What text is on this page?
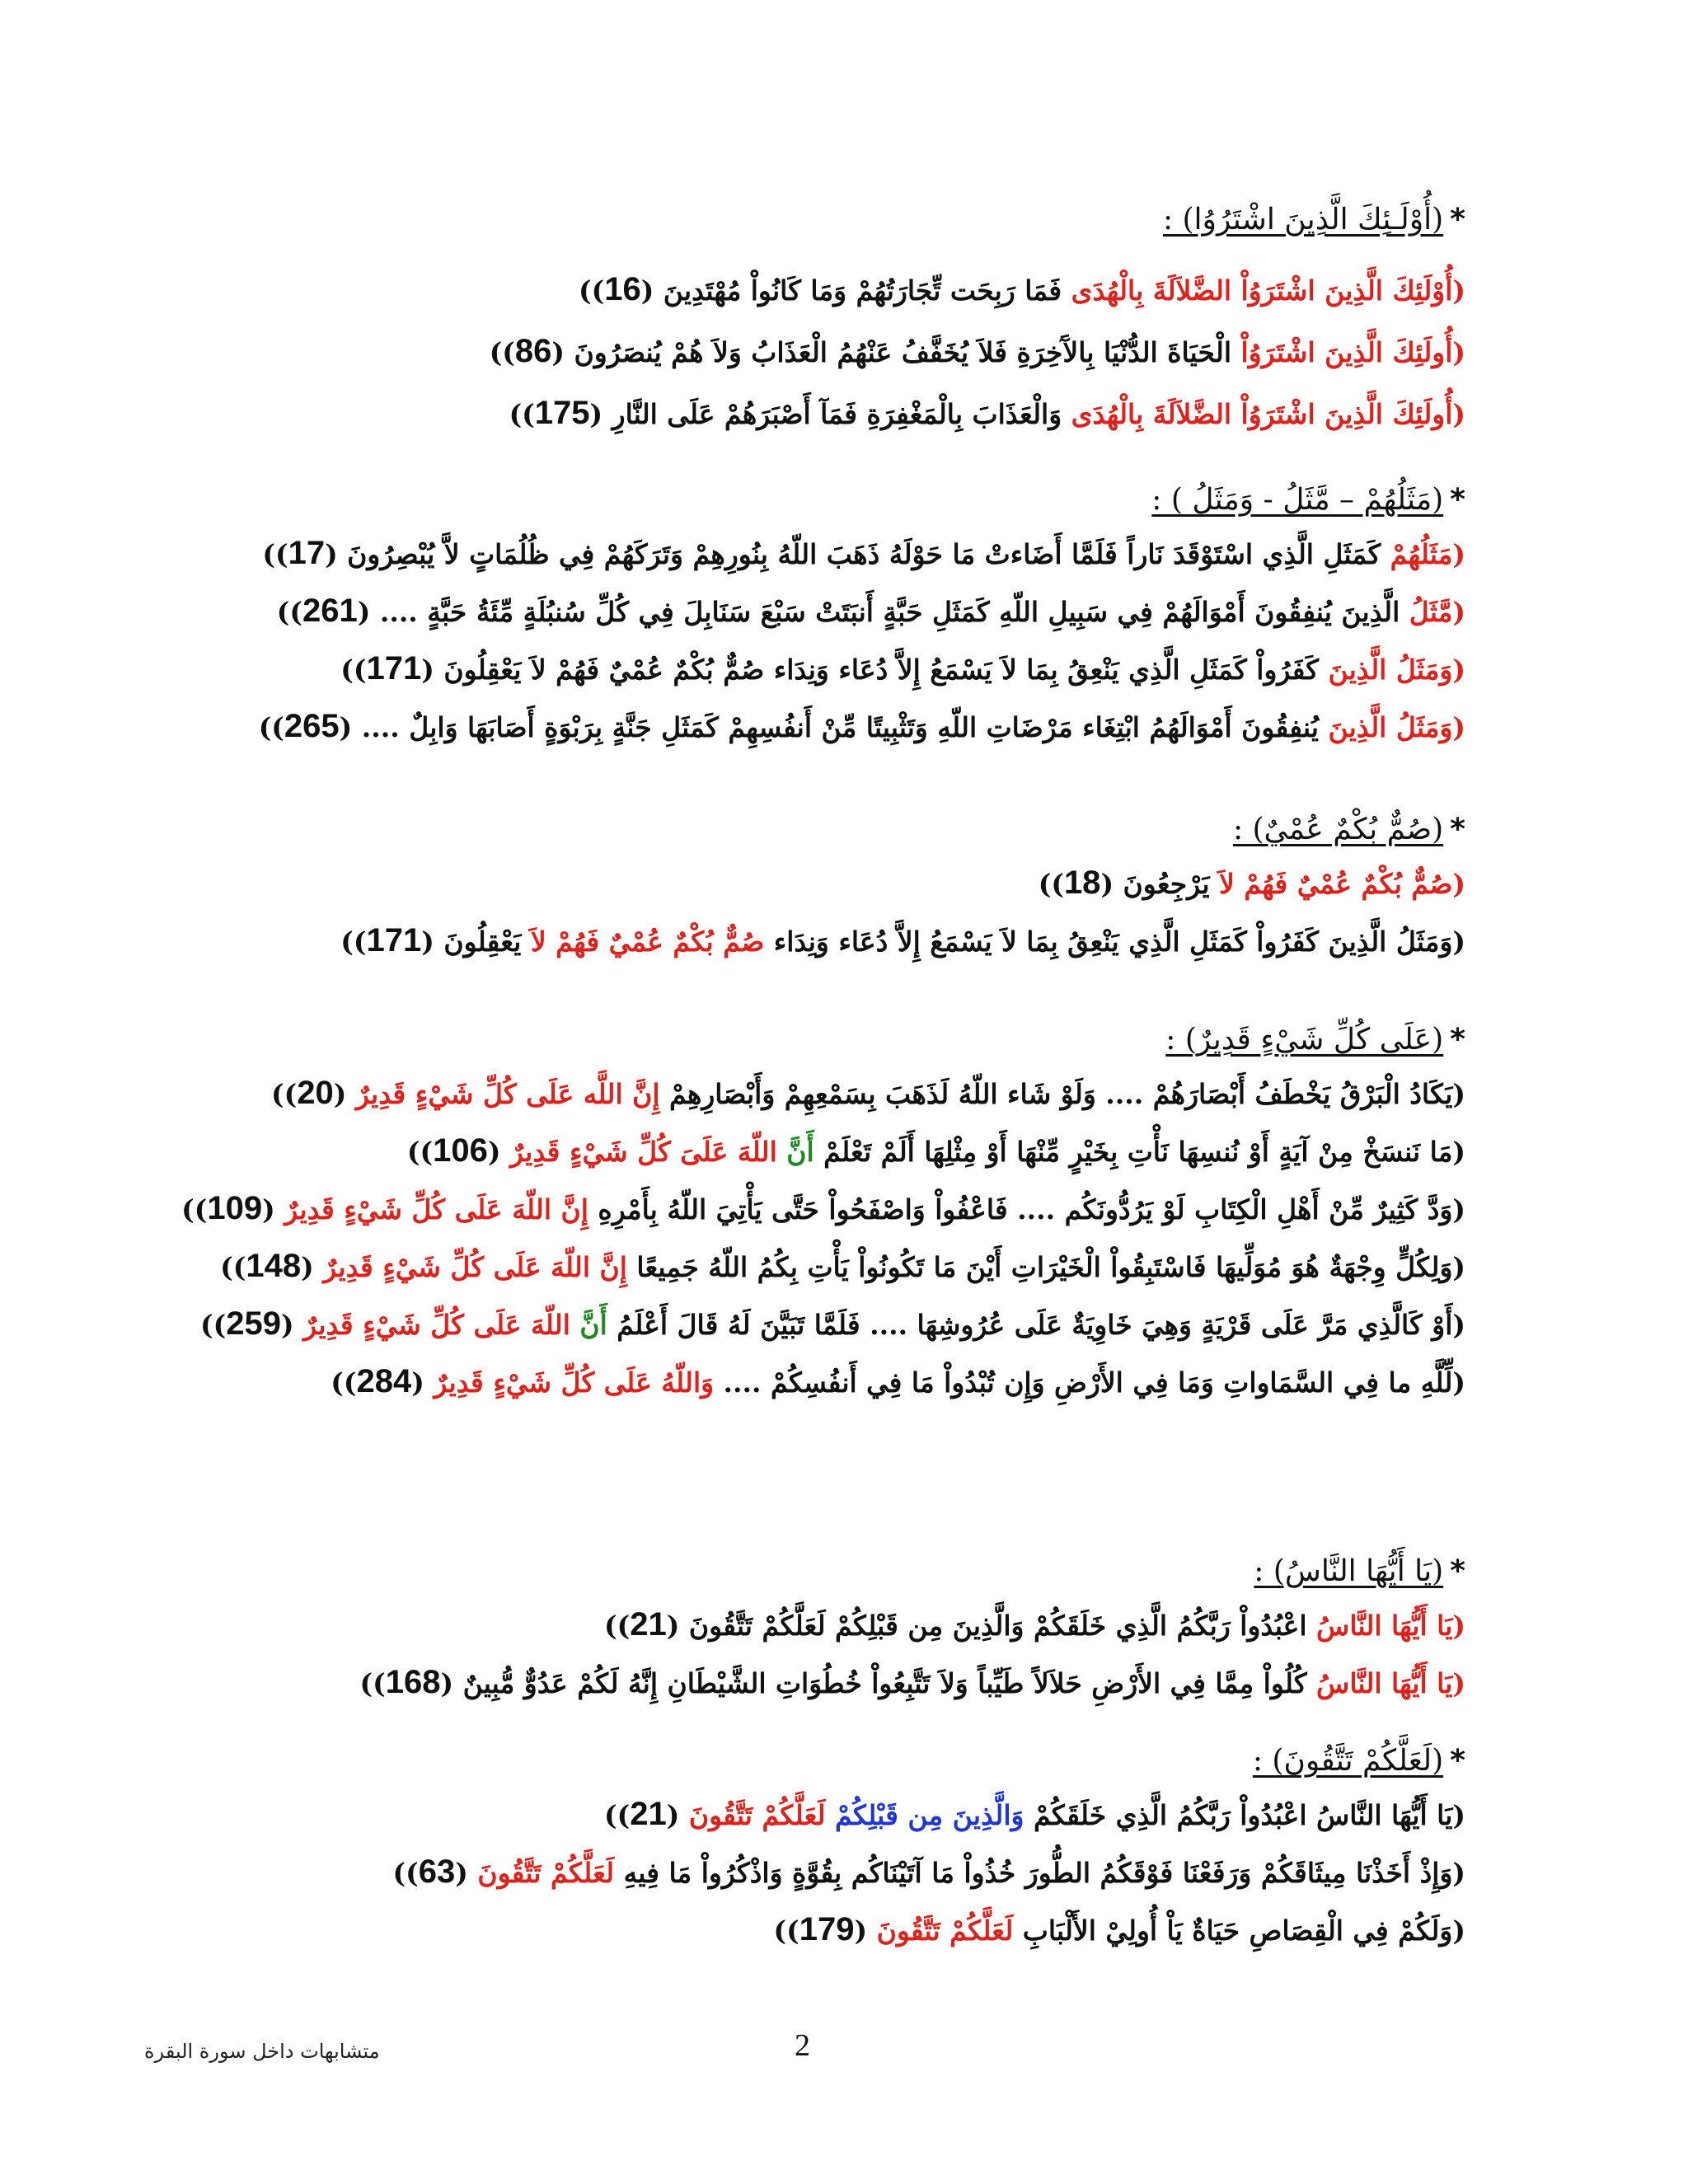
*(أُوْلَـئِكَ الَّذِينَ اشْتَرُوُا) :
(أُوْلَئِكَ الَّذِينَ اشْتَرَوُاْ الضَّلاَلَةَ بِالْهُدَى فَمَا رَبِحَت تِّجَارَتُهُمْ وَمَا كَانُواْ مُهْتَدِينَ (16))
(أُولَئِكَ الَّذِينَ اشْتَرَوُاْ الْحَيَاةَ الدُّنْيَا بِالآَخِرَةِ فَلاَ يُخَفَّفُ عَنْهُمُ الْعَذَابُ وَلاَ هُمْ يُنصَرُونَ (86))
(أُولَئِكَ الَّذِينَ اشْتَرَوُاْ الضَّلاَلَةَ بِالْهُدَى وَالْعَذَابَ بِالْمَغْفِرَةِ فَمَآ أَصْبَرَهُمْ عَلَى النَّارِ (175))
*(مَثَلُهُمْ – مَّثَلُ - وَمَثَلُ ) :
(مَثَلُهُمْ كَمَثَلِ الَّذِي اسْتَوْقَدَ نَاراً فَلَمَّا أَضَاءتْ مَا حَوْلَهُ ذَهَبَ اللّهُ بِنُورِهِمْ وَتَرَكَهُمْ فِي ظُلُمَاتٍ لاَّ يُبْصِرُونَ (17))
(مَّثَلُ الَّذِينَ يُنفِقُونَ أَمْوَالَهُمْ فِي سَبِيلِ اللّهِ كَمَثَلِ حَبَّةٍ أَنبَتَتْ سَبْعَ سَنَابِلَ فِي كُلِّ سُنبُلَةٍ مِّئَةُ حَبَّةٍ .... (261))
(وَمَثَلُ الَّذِينَ كَفَرُواْ كَمَثَلِ الَّذِي يَنْعِقُ بِمَا لاَ يَسْمَعُ إِلاَّ دُعَاء وَنِدَاء صُمٌّ بُكْمٌ عُمْيٌ فَهُمْ لاَ يَعْقِلُونَ (171))
(وَمَثَلُ الَّذِينَ يُنفِقُونَ أَمْوَالَهُمُ ابْتِغَاء مَرْضَاتِ اللّهِ وَتَثْبِيتًا مِّنْ أَنفُسِهِمْ كَمَثَلِ جَنَّةٍ بِرَبْوَةٍ أَصَابَهَا وَابِلٌ .... (265))
*(صُمٌّ بُكْمٌ عُمْيٌ) :
(صُمٌّ بُكْمٌ عُمْيٌ فَهُمْ لاَ يَرْجِعُونَ (18))
(وَمَثَلُ الَّذِينَ كَفَرُواْ كَمَثَلِ الَّذِي يَنْعِقُ بِمَا لاَ يَسْمَعُ إِلاَّ دُعَاء وَنِدَاء صُمٌّ بُكْمٌ عُمْيٌ فَهُمْ لاَ يَعْقِلُونَ (171))
*(عَلَى كُلِّ شَيْءٍ قَدِيرٌ) :
(يَكَادُ الْبَرْقُ يَخْطَفُ أَبْصَارَهُمْ .... وَلَوْ شَاء اللّهُ لَذَهَبَ بِسَمْعِهِمْ وَأَبْصَارِهِمْ إِنَّ اللَّه عَلَى كُلِّ شَيْءٍ قَدِيرٌ (20))
(مَا نَنسَخْ مِنْ آيَةٍ أَوْ نُنسِهَا نَأْتِ بِخَيْرٍ مِّنْهَا أَوْ مِثْلِهَا أَلَمْ تَعْلَمْ أَنَّ اللّهَ عَلَىَ كُلِّ شَيْءٍ قَدِيرٌ (106))
(وَدَّ كَثِيرٌ مِّنْ أَهْلِ الْكِتَابِ لَوْ يَرُدُّونَكُم .... فَاعْفُواْ وَاصْفَحُواْ حَتَّى يَأْتِيَ اللّهُ بِأَمْرِهِ إِنَّ اللّهَ عَلَى كُلِّ شَيْءٍ قَدِيرٌ (109))
(وَلِكُلٍّ وِجْهَةٌ هُوَ مُوَلِّيهَا فَاسْتَبِقُواْ الْخَيْرَاتِ أَيْنَ مَا تَكُونُواْ يَأْتِ بِكُمُ اللّهُ جَمِيعًا إِنَّ اللّهَ عَلَى كُلِّ شَيْءٍ قَدِيرٌ (148))
(أَوْ كَالَّذِي مَرَّ عَلَى قَرْيَةٍ وَهِيَ خَاوِيَةٌ عَلَى عُرُوشِهَا .... فَلَمَّا تَبَيَّنَ لَهُ قَالَ أَعْلَمُ أَنَّ اللّهَ عَلَى كُلِّ شَيْءٍ قَدِيرٌ (259))
(لِّلَّهِ ما فِي السَّمَاواتِ وَمَا فِي الأَرْضِ وَإِن تُبْدُواْ مَا فِي أَنفُسِكُمْ .... وَاللّهُ عَلَى كُلِّ شَيْءٍ قَدِيرٌ (284))
*(يَا أَيُّهَا النَّاسُ) :
(يَا أَيُّهَا النَّاسُ اعْبُدُواْ رَبَّكُمُ الَّذِي خَلَقَكُمْ وَالَّذِينَ مِن قَبْلِكُمْ لَعَلَّكُمْ تَتَّقُونَ (21))
(يَا أَيُّهَا النَّاسُ كُلُواْ مِمَّا فِي الأَرْضِ حَلاَلاً طَيِّباً وَلاَ تَتَّبِعُواْ خُطُوَاتِ الشَّيْطَانِ إِنَّهُ لَكُمْ عَدُوٌّ مُّبِينٌ (168))
*(لَعَلَّكُمْ تَتَّقُونَ) :
(يَا أَيُّهَا النَّاسُ اعْبُدُواْ رَبَّكُمُ الَّذِي خَلَقَكُمْ وَالَّذِينَ مِن قَبْلِكُمْ لَعَلَّكُمْ تَتَّقُونَ (21))
(وَإِذْ أَخَذْنَا مِيثَاقَكُمْ وَرَفَعْنَا فَوْقَكُمُ الطُّورَ خُذُواْ مَا آتَيْنَاكُم بِقُوَّةٍ وَاذْكُرُواْ مَا فِيهِ لَعَلَّكُمْ تَتَّقُونَ (63))
(وَلَكُمْ فِي الْقِصَاصِ حَيَاةٌ يَاْ أُولِيْ الأَلْبَابِ لَعَلَّكُمْ تَتَّقُونَ (179))
2
متشابهات داخل سورة البقرة
